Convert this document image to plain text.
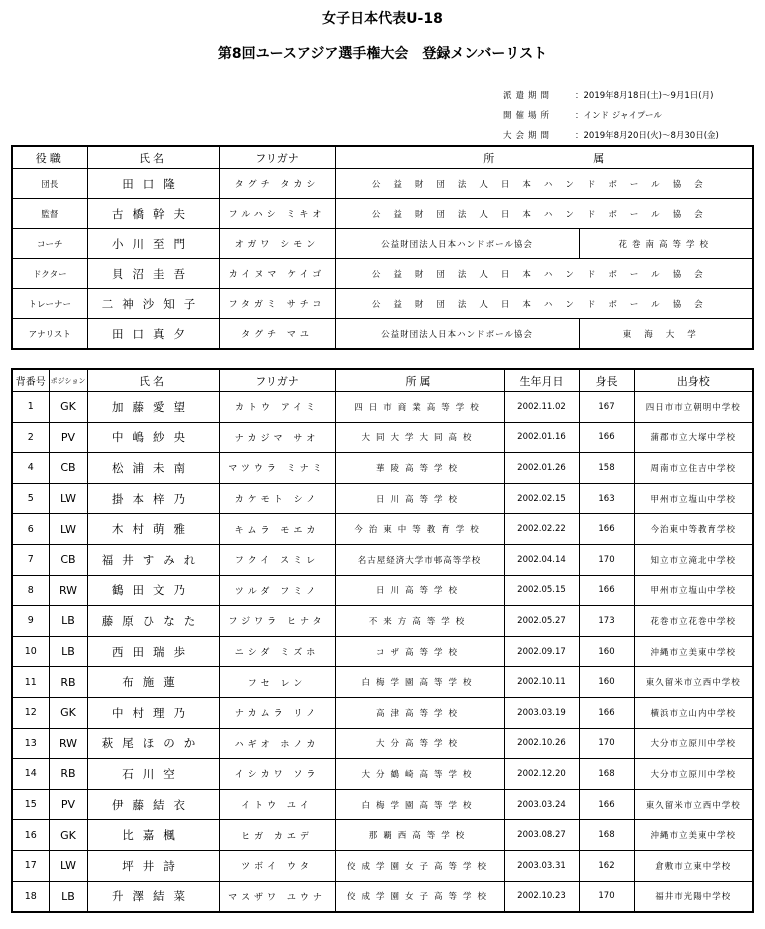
女子日本代表U-18
第8回ユースアジア選手権大会　登録メンバーリスト
派遣期間	：2019年8月18日(土)～9月1日(月)
開催場所	：インド ジャイプール
大会期間	：2019年8月20日(火)～8月30日(金)
役職	氏名	フリガナ	所　　　　　　　　　属	
団長	田口隆	タグチ タカシ	公益財団法人日本ハンドボール協会	
監督	古橋幹夫	フルハシ ミキオ	公益財団法人日本ハンドボール協会	
コーチ	小川至門	オガワ シモン	公益財団法人日本ハンドボール協会	花巻南高等学校
ドクター	貝沼圭吾	カイヌマ ケイゴ	公益財団法人日本ハンドボール協会	
トレーナー	二神沙知子	フタガミ サチコ	公益財団法人日本ハンドボール協会	
アナリスト	田口真夕	タグチ マユ	公益財団法人日本ハンドボール協会	東海大学
背番号	ポジション	氏名	フリガナ	所属	生年月日	身長	出身校
1	GK	加藤愛望	カトウ アイミ	四日市商業高等学校	2002.11.02	167	四日市市立朝明中学校
2	PV	中嶋紗央	ナカジマ サオ	大同大学大同高校	2002.01.16	166	蒲郡市立大塚中学校
4	CB	松浦未南	マツウラ ミナミ	華陵高等学校	2002.01.26	158	周南市立住吉中学校
5	LW	掛本梓乃	カケモト シノ	日川高等学校	2002.02.15	163	甲州市立塩山中学校
6	LW	木村萌雅	キムラ モエカ	今治東中等教育学校	2002.02.22	166	今治東中等教育学校
7	CB	福井すみれ	フクイ スミレ	名古屋経済大学市邨高等学校	2002.04.14	170	知立市立滝北中学校
8	RW	鶴田文乃	ツルダ フミノ	日川高等学校	2002.05.15	166	甲州市立塩山中学校
9	LB	藤原ひなた	フジワラ ヒナタ	不来方高等学校	2002.05.27	173	花巻市立花巻中学校
10	LB	西田瑞歩	ニシダ ミズホ	コザ高等学校	2002.09.17	160	沖縄市立美東中学校
11	RB	布施蓮	フセ レン	白梅学園高等学校	2002.10.11	160	東久留米市立西中学校
12	GK	中村理乃	ナカムラ リノ	高津高等学校	2003.03.19	166	横浜市立山内中学校
13	RW	萩尾ほのか	ハギオ ホノカ	大分高等学校	2002.10.26	170	大分市立原川中学校
14	RB	石川空	イシカワ ソラ	大分鶴崎高等学校	2002.12.20	168	大分市立原川中学校
15	PV	伊藤結衣	イトウ ユイ	白梅学園高等学校	2003.03.24	166	東久留米市立西中学校
16	GK	比嘉楓	ヒガ カエデ	那覇西高等学校	2003.08.27	168	沖縄市立美東中学校
17	LW	坪井詩	ツボイ ウタ	佼成学園女子高等学校	2003.03.31	162	倉敷市立東中学校
18	LB	升澤結菜	マスザワ ユウナ	佼成学園女子高等学校	2002.10.23	170	福井市光陽中学校
